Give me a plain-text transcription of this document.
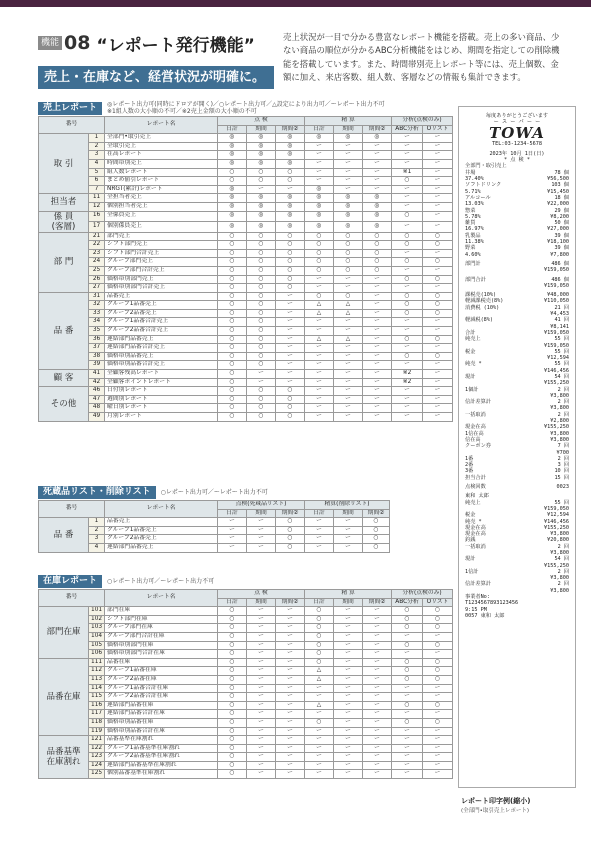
機能 08 “レポート発行機能”
売上・在庫など、経営状況が明確に。
売上状況が一目で分かる豊富なレポート機能を搭載。売上の多い商品、少ない商品の順位が分かるABC分析機能をはじめ、期間を指定しての削除機能を搭載しています。また、時間帯別売上レポート等には、売上個数、金額に加え、来店客数、組人数、客層などの情報も集計できます。
売上レポート	◎レポート出力可(同時にドロアが開く)／○レポート出力可／△設定により出力可／ーレポート出力不可
※1組人数の大小順の不可／※2売上金額の大小順の不可
番号		レポート名	点 検			精 算			分析(点検のみ)	
			日計	期間	期間②	日計	期間	期間②	ABC分析	Oリスト
取 引	1	全部門•取引売上	◎	◎	◎	◎	◎	◎	ー	ー
	2	全取引売上	◎	◎	◎	ー	ー	ー	ー	ー
	3	在高レポート	◎	◎	◎	ー	ー	ー	ー	ー
	4	時間帯別売上	◎	◎	◎	ー	ー	ー	ー	ー
	5	組人数レポート	○	○	○	ー	ー	ー	※1	ー
	6	まとめ値引レポート	○	○	○	ー	ー	ー	○	ー
	7	NRGT(累計)レポート	◎	ー	ー	◎	ー	ー	ー	ー
担当者	11	全担当者売上	◎	◎	◎	◎	◎	◎	ー	ー
	12	個別担当者売上	◎	◎	◎	◎	◎	◎	ー	ー
係 員
(客層)	16	全係員売上	◎	◎	◎	◎	◎	◎	○	ー
	17	個別係員売上	◎	◎	◎	◎	◎	◎	ー	ー
部 門	21	部門売上	○	○	○	○	○	○	○	○
	22	シフト部門売上	○	○	○	○	○	○	○	○
	23	シフト部門合計売上	○	○	○	○	○	○	ー	ー
	24	グループ部門売上	○	○	○	○	○	○	○	○
	25	グループ部門合計売上	○	○	○	○	○	○	ー	ー
	26	価格帯別部門売上	○	○	○	ー	ー	ー	○	○
	27	価格帯別部門合計売上	○	○	○	ー	ー	ー	ー	ー
品 番	31	品番売上	○	○	ー	○	○	ー	○	○
	32	グループ1品番売上	○	○	ー	△	△	ー	○	○
	33	グループ2品番売上	○	○	ー	△	△	ー	○	○
	34	グループ1品番合計売上	○	○	ー	ー	ー	ー	ー	ー
	35	グループ2品番合計売上	○	○	ー	ー	ー	ー	ー	ー
	36	連結部門品番売上	○	○	ー	△	△	ー	○	○
	37	連結部門品番合計売上	○	○	ー	ー	ー	ー	ー	ー
	38	価格帯別品番売上	○	○	ー	ー	ー	ー	○	○
	39	価格帯別品番合計売上	○	○	ー	ー	ー	ー	ー	ー
顧 客	41	全顧客残高レポート	○	ー	ー	ー	ー	ー	※2	ー
	42	全顧客ポイントレポート	○	ー	ー	ー	ー	ー	※2	ー
その他	46	日付別レポート	○	○	○	ー	ー	ー	ー	ー
	47	週間別レポート	○	○	○	ー	ー	ー	ー	ー
	48	曜日別レポート	○	○	○	ー	ー	ー	ー	ー
	49	月別レポート	○	○	○	ー	ー	ー	ー	ー
死蔵品リスト・削除リスト	○レポート出力可／ーレポート出力不可
番号		レポート名	点検(死蔵品リスト)			精算(削除リスト)		
			日計	期間	期間②	日計	期間	期間②
品 番	1	品番売上	ー	ー	○	ー	ー	○
	2	グループ1品番売上	ー	ー	○	ー	ー	○
	3	グループ2品番売上	ー	ー	○	ー	ー	○
	4	連結部門品番売上	ー	ー	○	ー	ー	○
在庫レポート	○レポート出力可／ーレポート出力不可
番号		レポート名	点 検			精 算			分析(点検のみ)	
			日計	期間	期間②	日計	期間	期間②	ABC分析	Oリスト
部門在庫	101	部門在庫	○	ー	ー	○	ー	ー	○	○
	102	シフト部門在庫	○	ー	ー	○	ー	ー	○	○
	103	グループ部門在庫	○	ー	ー	○	ー	ー	○	○
	104	グループ部門合計在庫	○	ー	ー	○	ー	ー	ー	ー
	105	価格帯別部門在庫	○	ー	ー	○	ー	ー	○	○
	106	価格帯別部門合計在庫	○	ー	ー	○	ー	ー	ー	ー
品番在庫	111	品番在庫	○	ー	ー	○	ー	ー	○	○
	112	グループ1品番在庫	○	ー	ー	△	ー	ー	○	○
	113	グループ2品番在庫	○	ー	ー	△	ー	ー	○	○
	114	グループ1品番合計在庫	○	ー	ー	ー	ー	ー	ー	ー
	115	グループ2品番合計在庫	○	ー	ー	ー	ー	ー	ー	ー
	116	連結部門品番在庫	○	ー	ー	△	ー	ー	○	○
	117	連結部門品番合計在庫	○	ー	ー	ー	ー	ー	ー	ー
	118	価格帯別品番在庫	○	ー	ー	○	ー	ー	○	○
	119	価格帯別品番合計在庫	○	ー	ー	ー	ー	ー	ー	ー
品番基準
在庫割れ	121	品番基準在庫割れ	○	ー	ー	ー	ー	ー	ー	ー
	122	グループ1品番基準在庫割れ	○	ー	ー	ー	ー	ー	ー	ー
	123	グループ2品番基準在庫割れ	○	ー	ー	ー	ー	ー	ー	ー
	124	連結部門品番基準在庫割れ	○	ー	ー	ー	ー	ー	ー	ー
	125	個別品番基準在庫割れ	○	ー	ー	ー	ー	ー	ー	ー
毎度ありがとうございます
ー ス ー パ ー ー
TOWA
TEL:03-1234-5678
2023年 10月 1日(日)
* 点 検 *
全部門・取引売上
井場	78 個
37.40%	¥56,500
ソフトドリンク	103 個
5.71%	¥15,450
アルコール	18 個
13.03%	¥22,000
惣菜	29 個
5.78%	¥8,200
雑貨	50 個
16.97%	¥27,000
乳製品	39 個
11.38%	¥18,100
野菜	39 個
4.60%	¥7,800
部門計	486 個
¥159,050
部門合計	486 個
¥159,050
課税売(10%)	¥48,000
軽減課税売(8%)	¥110,050
消費税 (10%)	21 回
¥4,453
軽減税(8%)	41 回
¥8,141
合計	¥159,050
純売上	55 回
¥159,050
税金	55 回
¥12,594
純売 *	55 回
¥146,456
現計	54 回
¥155,250
1個計	2 回
¥3,800
信計差算計	2 回
¥3,800
一括取消	2 回
¥2,800
現金在高	¥155,250
1信在高	¥3,800
信在高	¥3,800
クーポン券	7 回
¥700
1番	2 回
2番	3 回
3番	10 回
担当合計	15 回
点検回数	0023
東和 太郎
純売上	55 回
¥159,050
税金	¥12,594
純売 *	¥146,456
現金在高	¥155,250
現金在高	¥3,800
釣銭	¥20,800
一括取消	2 回
¥3,800
現計	54 回
¥155,250
1信計	2 回
¥3,800
信計差算計	2 回
¥3,800
事業者No:
T1234567893123456
9:15 PM
0057 東和 太郎
レポート印字例(縮小)
(全部門•取引売上レポート)
